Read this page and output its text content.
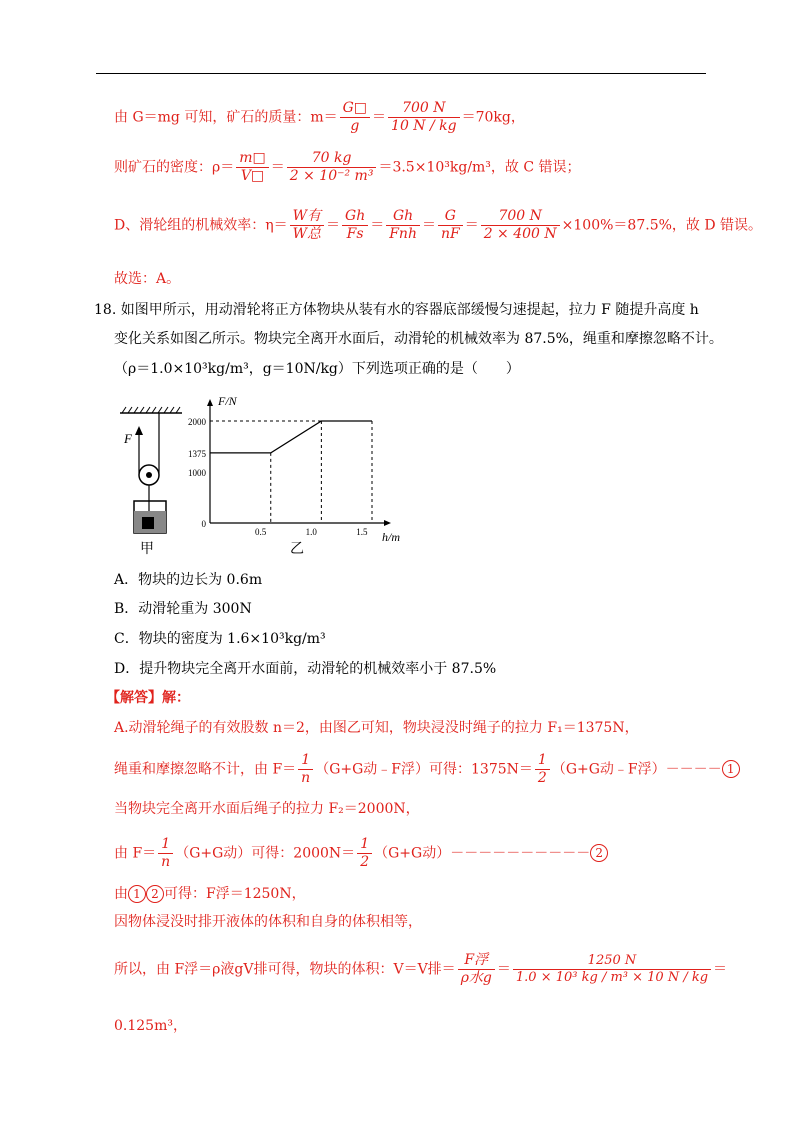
由 G＝mg 可知，矿石的质量：$m= \frac{G□}{g} = \frac{700 N}{10 N / kg} =70kg$，
则矿石的密度：$\rho= \frac{m□}{V□} = \frac{70 kg}{\text{2 × 10⁻² m³}} =3.5\times 10^3kg/m^3$，故 C 错误；
D、滑轮组的机械效率：$\eta= \frac{\text{W有}}{\text{W总}} = \frac{Gh}{Fs} = \frac{Gh}{\text{Fnh}} = \frac{G}{nF} = \frac{700 N}{2 \times 400 N} \times 100\%=87.5\%$，故 D 错误。
故选：A。
18. 如图甲所示，用动滑轮将正方体物块从装有水的容器底部缓慢匀速提起，拉力 F 随提升高度 h
变化关系如图乙所示。物块完全离开水面后，动滑轮的机械效率为 87.5%，绳重和摩擦忽略不计。
（ρ＝1.0×10³kg/m³，g＝10N/kg）下列选项正确的是（　　）
F
甲
F/N
h/m
乙
2000
1375
1000
0
0.5	1.0	1.5
A．物块的边长为 0.6m
B．动滑轮重为 300N
C．物块的密度为 1.6×10³kg/m³
D．提升物块完全离开水面前，动滑轮的机械效率小于 87.5%
【解答】解：
A.动滑轮绳子的有效股数 n＝2，由图乙可知，物块浸没时绳子的拉力 F₁＝1375N，
绳重和摩擦忽略不计，由 $F= \frac{1}{n} (G+G$动﹣F浮）可得：$1375N= \frac{1}{2} (G+G$动﹣F浮）－－－－ 1
当物块完全离开水面后绳子的拉力 F₂＝2000N，
由 $F= \frac{1}{n} (G+G$动）可得：$2000N= \frac{1}{2} (G+G$动）－－－－－－－－－－ 2
由 1 2 可得：F浮＝1250N，
因物体浸没时排开液体的体积和自身的体积相等，
所以，由 F浮＝ρ液gV排可得，物块的体积：V＝V排＝ $\frac{\text{F浮}}{\text{ρ水g}} = \frac{1250 N}{\text{1.0 × 10³ kg / m³ × 10 N / kg}}$ ＝
0.125m³，
